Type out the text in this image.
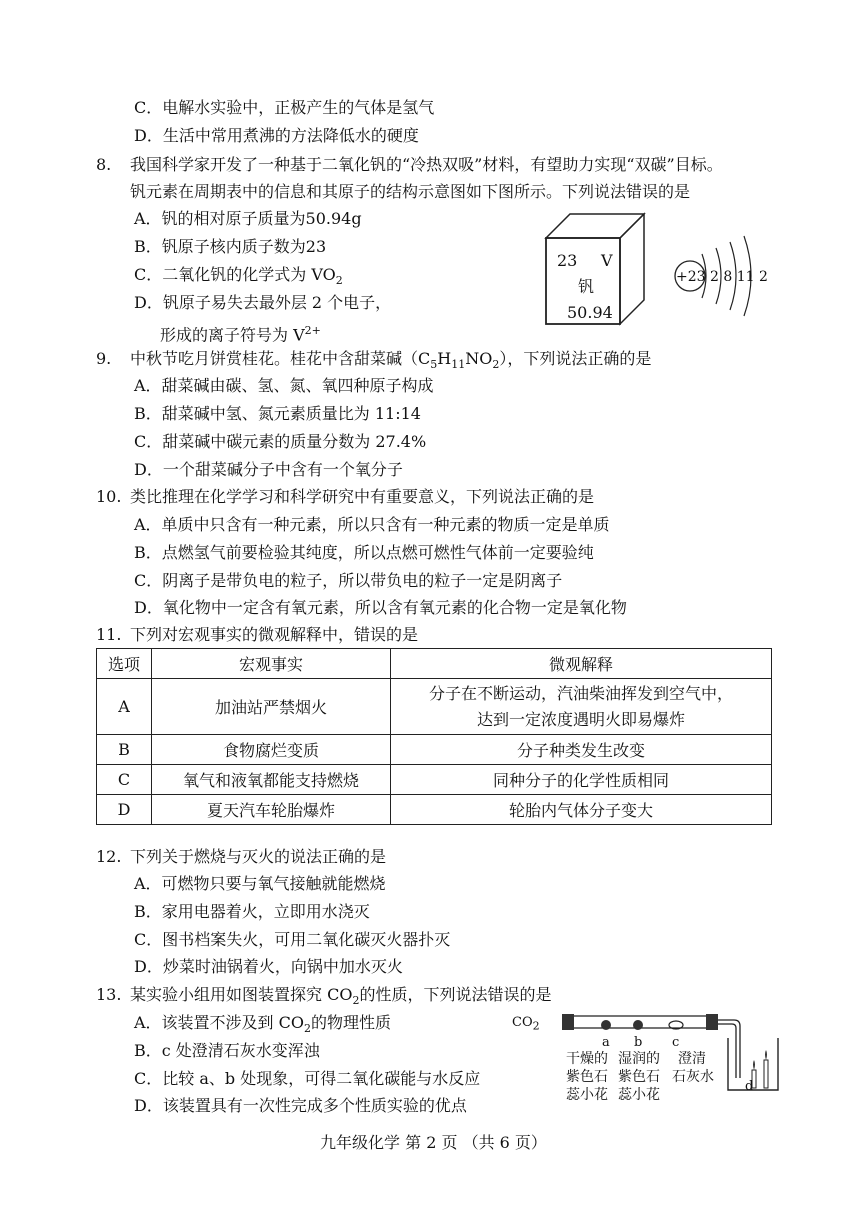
C．电解水实验中，正极产生的气体是氢气
D．生活中常用煮沸的方法降低水的硬度
8. 我国科学家开发了一种基于二氧化钒的“冷热双吸”材料，有望助力实现“双碳”目标。
钒元素在周期表中的信息和其原子的结构示意图如下图所示。下列说法错误的是
A．钒的相对原子质量为50.94g
B．钒原子核内质子数为23
C．二氧化钒的化学式为 $VO_2$
D．钒原子易失去最外层 2 个电子，
形成的离子符号为 $V^{2+}$
23 V
钒
50.94
+23 2 8 11 2
9. 中秋节吃月饼赏桂花。桂花中含甜菜碱$(C_5H_{11}NO_2)$，下列说法正确的是
A．甜菜碱由碳、氢、氮、氧四种原子构成
B．甜菜碱中氢、氮元素质量比为 11:14
C．甜菜碱中碳元素的质量分数为 27.4%
D．一个甜菜碱分子中含有一个氧分子
10. 类比推理在化学学习和科学研究中有重要意义，下列说法正确的是
A．单质中只含有一种元素，所以只含有一种元素的物质一定是单质
B．点燃氢气前要检验其纯度，所以点燃可燃性气体前一定要验纯
C．阴离子是带负电的粒子，所以带负电的粒子一定是阴离子
D．氧化物中一定含有氧元素，所以含有氧元素的化合物一定是氧化物
11. 下列对宏观事实的微观解释中，错误的是
选项	宏观事实	微观解释
A	加油站严禁烟火	分子在不断运动，汽油柴油挥发到空气中，
达到一定浓度遇明火即易爆炸

B	食物腐烂变质	分子种类发生改变
C	氧气和液氧都能支持燃烧	同种分子的化学性质相同
D	夏天汽车轮胎爆炸	轮胎内气体分子变大
12. 下列关于燃烧与灭火的说法正确的是
A．可燃物只要与氧气接触就能燃烧
B．家用电器着火，立即用水浇灭
C．图书档案失火，可用二氧化碳灭火器扑灭
D．炒菜时油锅着火，向锅中加水灭火
13. 某实验小组用如图装置探究 $CO_2$的性质，下列说法错误的是
A．该装置不涉及到 $CO_2$的物理性质
B．c 处澄清石灰水变浑浊
C．比较 a、b 处现象，可得二氧化碳能与水反应
D．该装置具有一次性完成多个性质实验的优点
$CO_2$
a b c
d
干燥的
紫色石
蕊小花
湿润的
紫色石
蕊小花
澄清
石灰水
九年级化学 第 2 页 （共 6 页）
